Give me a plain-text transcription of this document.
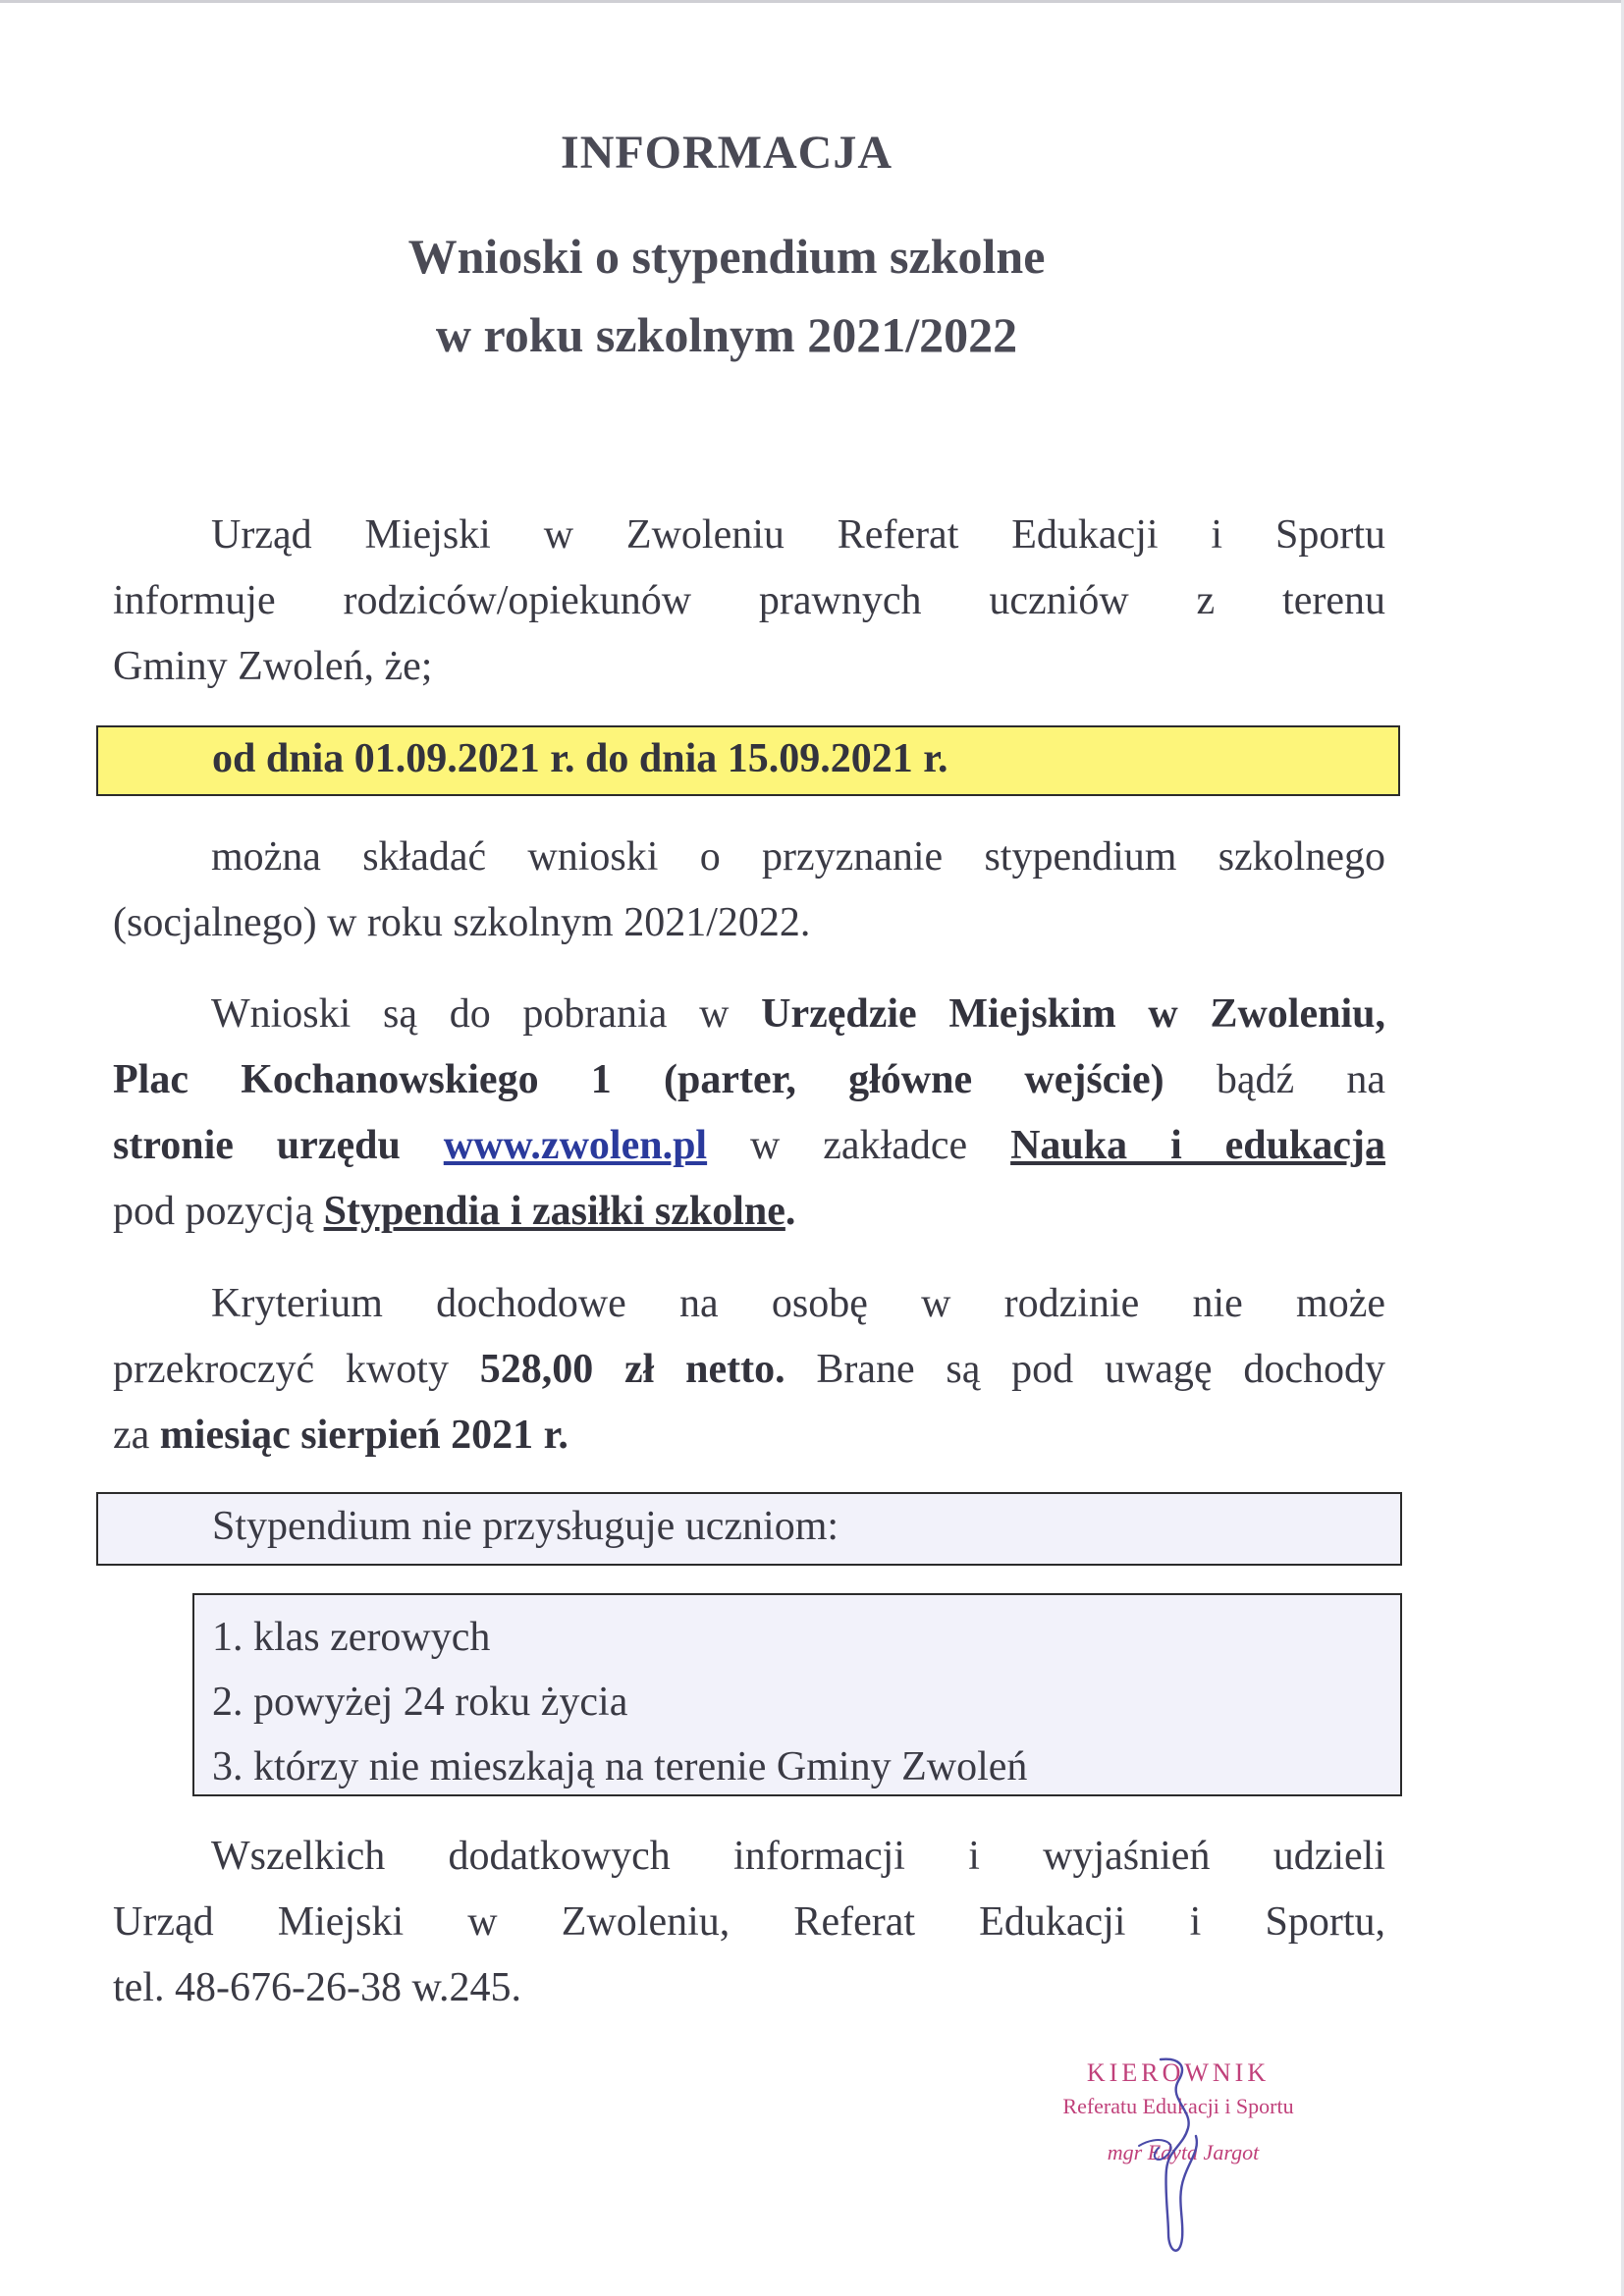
INFORMACJA
Wnioski o stypendium szkolne
w roku szkolnym 2021/2022

Urząd Miejski w Zwoleniu Referat Edukacji i Sportu
informuje rodziców/opiekunów prawnych uczniów z terenu
Gminy Zwoleń, że;

od dnia 01.09.2021 r. do dnia 15.09.2021 r.

można składać wnioski o przyznanie stypendium szkolnego
(socjalnego) w roku szkolnym 2021/2022.

Wnioski są do pobrania w Urzędzie Miejskim w Zwoleniu,
Plac Kochanowskiego 1 (parter, główne wejście) bądź na
stronie urzędu www.zwolen.pl w zakładce Nauka i edukacja
pod pozycją Stypendia i zasiłki szkolne.

Kryterium dochodowe na osobę w rodzinie nie może
przekroczyć kwoty 528,00 zł netto. Brane są pod uwagę dochody
za miesiąc sierpień 2021 r.

Stypendium nie przysługuje uczniom:
1. klas zerowych
2. powyżej 24 roku życia
3. którzy nie mieszkają na terenie Gminy Zwoleń

Wszelkich dodatkowych informacji i wyjaśnień udzieli
Urząd Miejski w Zwoleniu, Referat Edukacji i Sportu,
tel. 48-676-26-38 w.245.

KIEROWNIK
Referatu Edukacji i Sportu
mgr Edyta Jargot
